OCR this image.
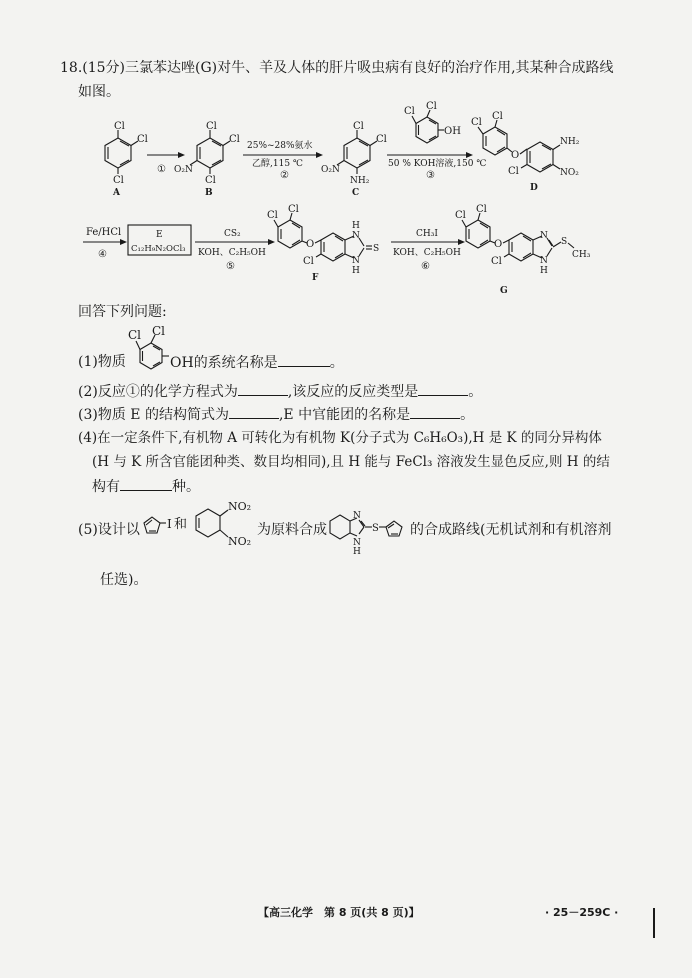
18.(15分)三氯苯达唑(G)对牛、羊及人体的肝片吸虫病有良好的治疗作用,其某种合成路线
如图。
Cl
Cl
Cl
A
①
Cl
Cl
Cl
O₂N
B
25%~28%氨水
乙醇,115 ℃
②
Cl
Cl
NH₂
O₂N
C
Cl Cl
OH
50 % KOH溶液,150 ℃
③
Cl
Cl
O
NH₂
NO₂
Cl
D
Fe/HCl
④
E
C₁₂H₉N₂OCl₃
CS₂
KOH、C₂H₅OH
⑤
Cl
Cl
O
H
N
N
H
S
Cl
F
CH₃I
KOH、C₂H₅OH
⑥
Cl
Cl
O
N
N
H
S
CH₃
Cl
G
回答下列问题:
(1)物质
Cl Cl
OH的系统名称是	。
(2)反应①的化学方程式为	,该反应的反应类型是	。
(3)物质 E 的结构简式为	,E 中官能团的名称是	。
(4)在一定条件下,有机物 A 可转化为有机物 K(分子式为 C₆H₆O₃),H 是 K 的同分异构体
(H 与 K 所含官能团种类、数目均相同),且 H 能与 FeCl₃ 溶液发生显色反应,则 H 的结
构有	种。
(5)设计以 I 和
NO₂
NO₂
为原料合成
N
N
H
S 的合成路线(无机试剂和有机溶剂
任选)。
【高三化学　第 8 页(共 8 页)】	· 25－259C ·
